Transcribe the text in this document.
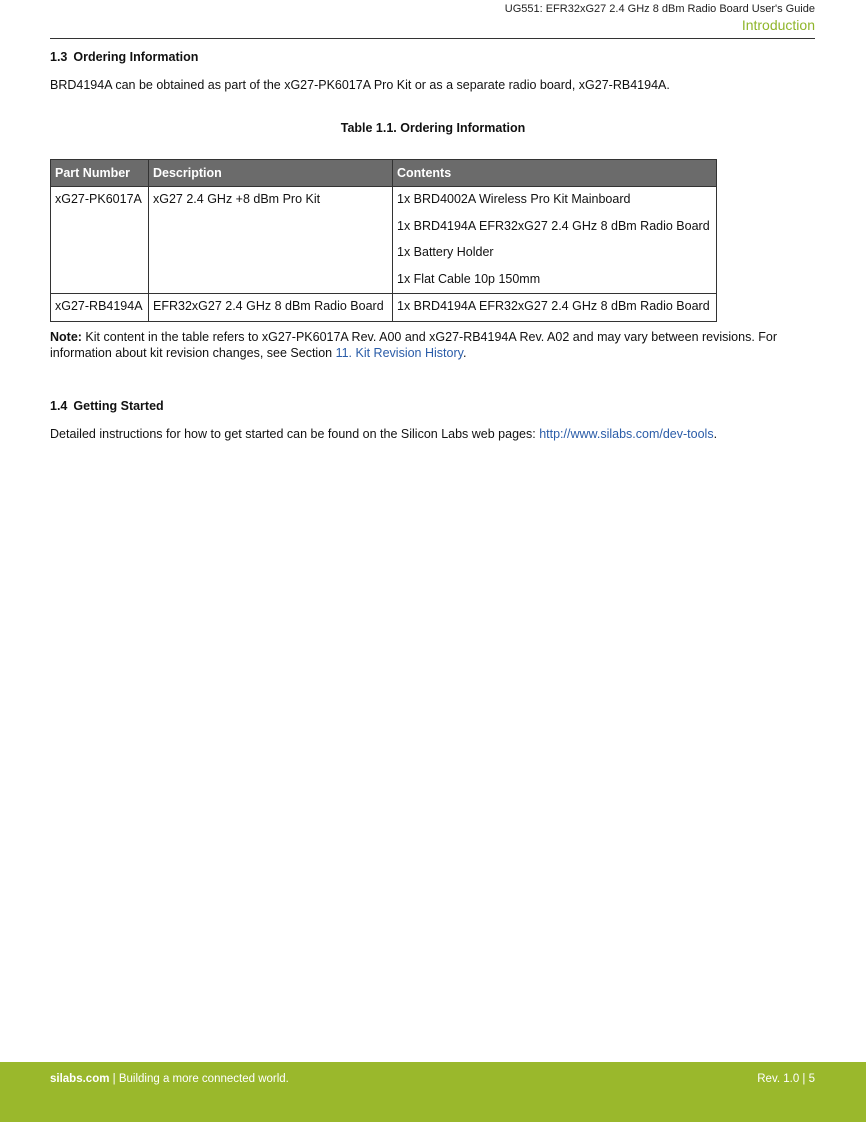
UG551: EFR32xG27 2.4 GHz 8 dBm Radio Board User's Guide
Introduction
1.3 Ordering Information
BRD4194A can be obtained as part of the xG27-PK6017A Pro Kit or as a separate radio board, xG27-RB4194A.
Table 1.1. Ordering Information
Part Number	Description	Contents

xG27-PK6017A	xG27 2.4 GHz +8 dBm Pro Kit	1x BRD4002A Wireless Pro Kit Mainboard
1x BRD4194A EFR32xG27 2.4 GHz 8 dBm Radio Board
1x Battery Holder
1x Flat Cable 10p 150mm

xG27-RB4194A	EFR32xG27 2.4 GHz 8 dBm Radio Board	1x BRD4194A EFR32xG27 2.4 GHz 8 dBm Radio Board
Note: Kit content in the table refers to xG27-PK6017A Rev. A00 and xG27-RB4194A Rev. A02 and may vary between revisions. For information about kit revision changes, see Section 11. Kit Revision History.
1.4 Getting Started
Detailed instructions for how to get started can be found on the Silicon Labs web pages: http://www.silabs.com/dev-tools.
silabs.com | Building a more connected world.	Rev. 1.0 | 5
